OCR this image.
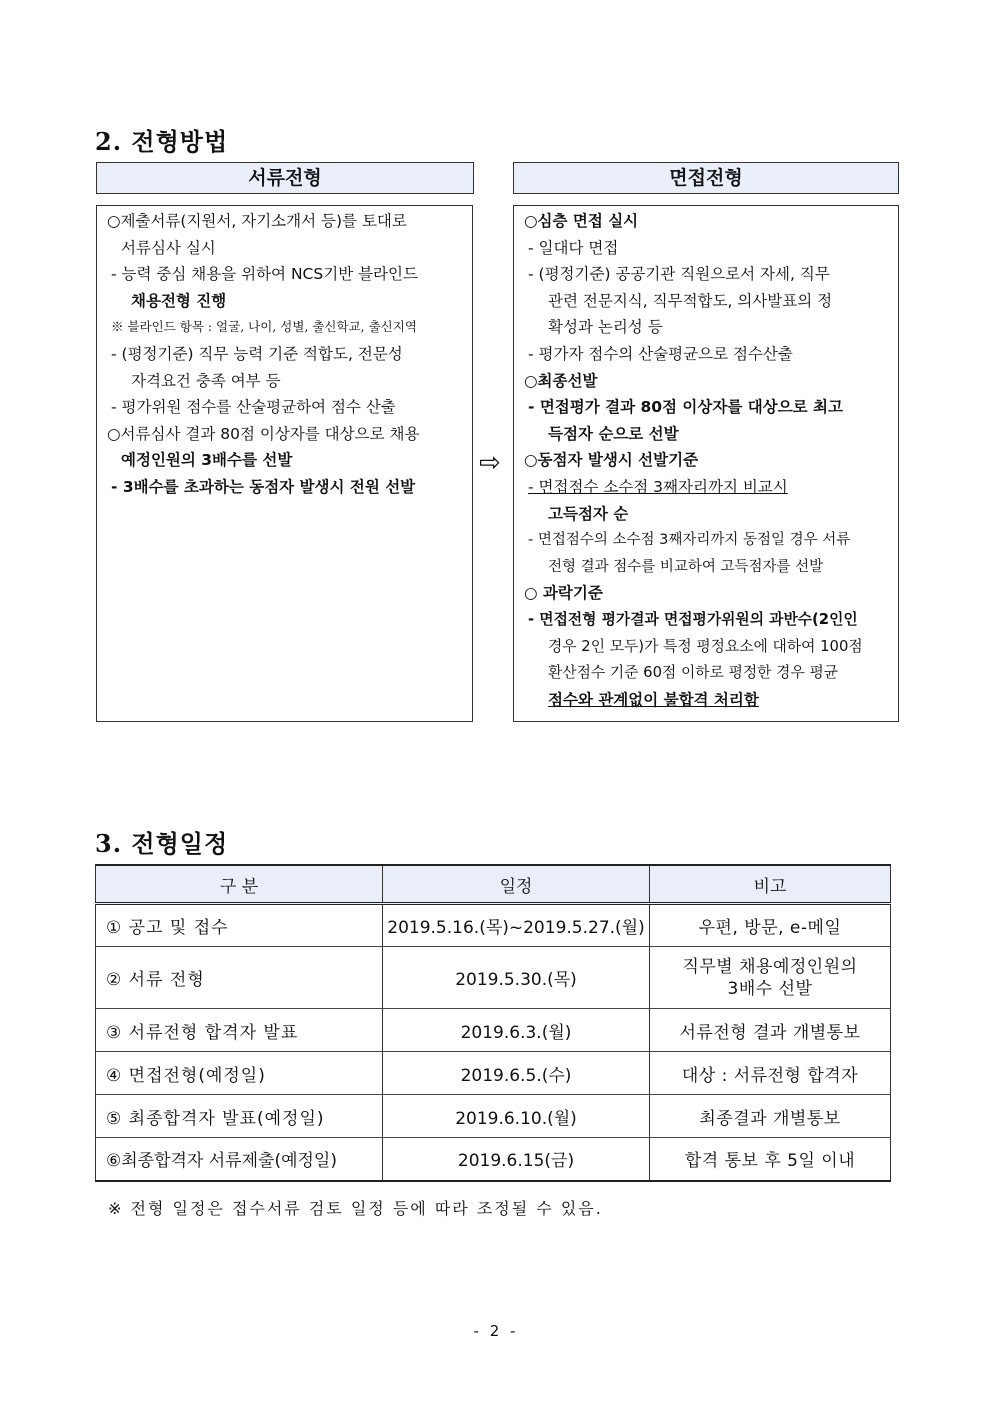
2. 전형방법
서류전형
○제출서류(지원서, 자기소개서 등)를 토대로
서류심사 실시
- 능력 중심 채용을 위하여 NCS기반 블라인드
채용전형 진행
※ 블라인드 항목 : 얼굴, 나이, 성별, 출신학교, 출신지역
- (평정기준) 직무 능력 기준 적합도, 전문성
자격요건 충족 여부 등
- 평가위원 점수를 산술평균하여 점수 산출
○서류심사 결과 80점 이상자를 대상으로 채용
예정인원의 3배수를 선발
- 3배수를 초과하는 동점자 발생시 전원 선발
⇨
면접전형
○심층 면접 실시
- 일대다 면접
- (평정기준) 공공기관 직원으로서 자세, 직무
관련 전문지식, 직무적합도, 의사발표의 정
확성과 논리성 등
- 평가자 점수의 산술평균으로 점수산출
○최종선발
- 면접평가 결과 80점 이상자를 대상으로 최고
득점자 순으로 선발
○동점자 발생시 선발기준
- 면접점수 소수점 3째자리까지 비교시
고득점자 순
- 면접점수의 소수점 3째자리까지 동점일 경우 서류
전형 결과 점수를 비교하여 고득점자를 선발
○ 과락기준
- 면접전형 평가결과 면접평가위원의 과반수(2인인
경우 2인 모두)가 특정 평정요소에 대하여 100점
환산점수 기준 60점 이하로 평정한 경우 평균
점수와 관계없이 불합격 처리함
3. 전형일정
구 분	일정	비고
① 공고 및 접수	2019.5.16.(목)~2019.5.27.(월)	우편, 방문, e-메일
② 서류 전형	2019.5.30.(목)	직무별 채용예정인원의
3배수 선발

③ 서류전형 합격자 발표	2019.6.3.(월)	서류전형 결과 개별통보
④ 면접전형(예정일)	2019.6.5.(수)	대상 : 서류전형 합격자
⑤ 최종합격자 발표(예정일)	2019.6.10.(월)	최종결과 개별통보
⑥최종합격자 서류제출(예정일)	2019.6.15(금)	합격 통보 후 5일 이내
※ 전형 일정은 접수서류 검토 일정 등에 따라 조정될 수 있음.
- 2 -
